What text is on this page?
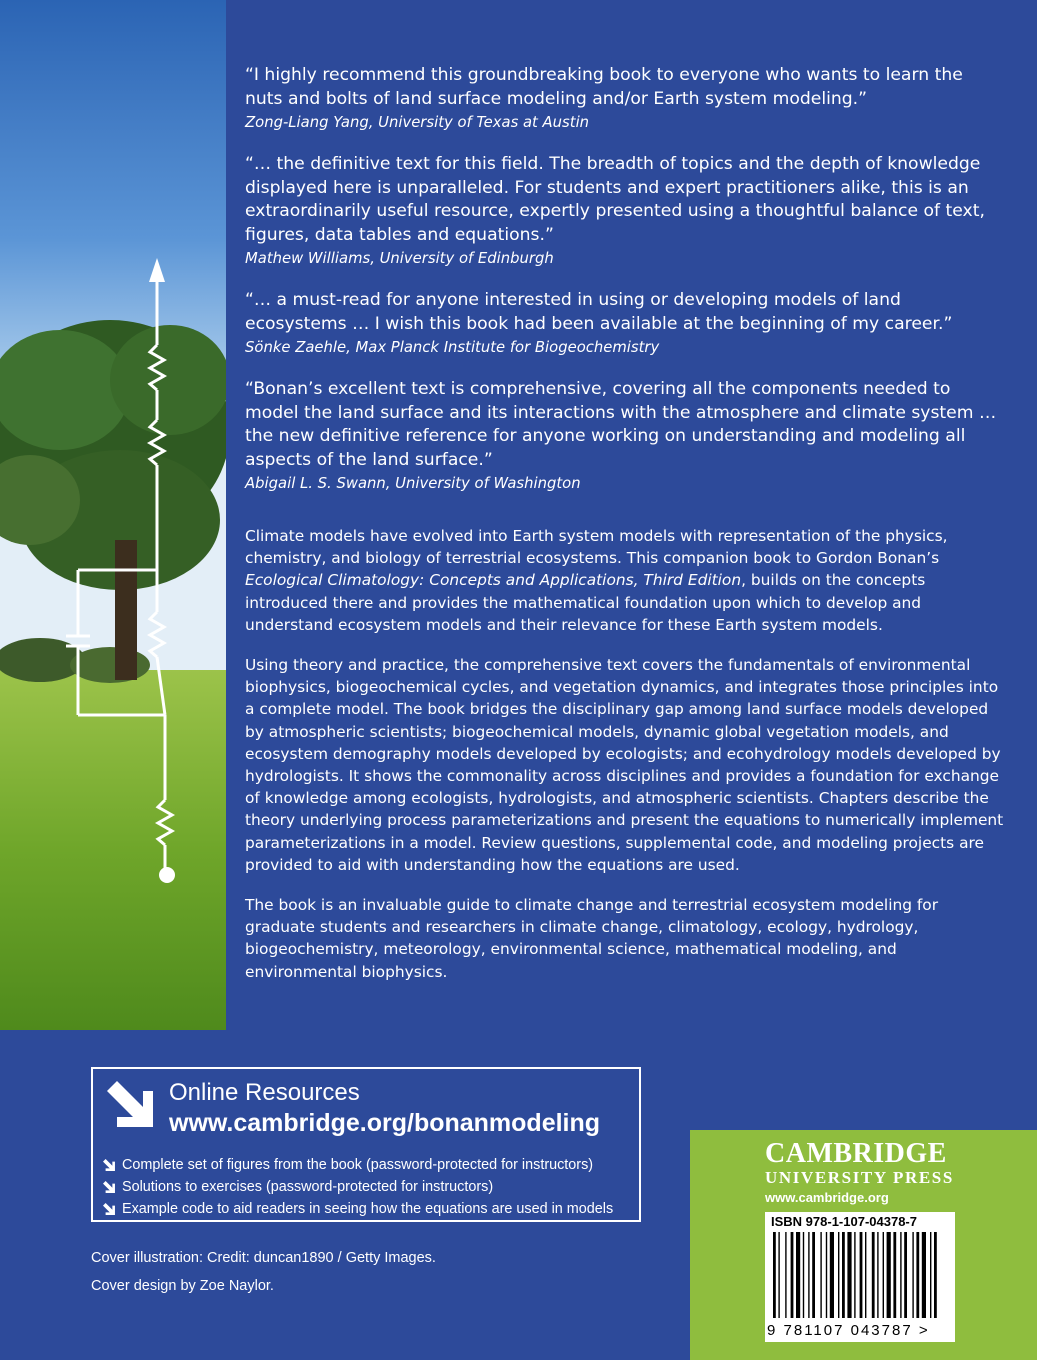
“I highly recommend this groundbreaking book to everyone who wants to learn the nuts and bolts of land surface modeling and/or Earth system modeling.”

Zong-Liang Yang, University of Texas at Austin

“… the definitive text for this field. The breadth of topics and the depth of knowledge displayed here is unparalleled. For students and expert practitioners alike, this is an extraordinarily useful resource, expertly presented using a thoughtful balance of text, figures, data tables and equations.”

Mathew Williams, University of Edinburgh

“… a must-read for anyone interested in using or developing models of land ecosystems … I wish this book had been available at the beginning of my career.”

Sönke Zaehle, Max Planck Institute for Biogeochemistry

“Bonan’s excellent text is comprehensive, covering all the components needed to model the land surface and its interactions with the atmosphere and climate system … the new definitive reference for anyone working on understanding and modeling all aspects of the land surface.”

Abigail L. S. Swann, University of Washington

Climate models have evolved into Earth system models with representation of the physics, chemistry, and biology of terrestrial ecosystems. This companion book to Gordon Bonan’s Ecological Climatology: Concepts and Applications, Third Edition, builds on the concepts introduced there and provides the mathematical foundation upon which to develop and understand ecosystem models and their relevance for these Earth system models.

Using theory and practice, the comprehensive text covers the fundamentals of environmental biophysics, biogeochemical cycles, and vegetation dynamics, and integrates those principles into a complete model. The book bridges the disciplinary gap among land surface models developed by atmospheric scientists; biogeochemical models, dynamic global vegetation models, and ecosystem demography models developed by ecologists; and ecohydrology models developed by hydrologists. It shows the commonality across disciplines and provides a foundation for exchange of knowledge among ecologists, hydrologists, and atmospheric scientists. Chapters describe the theory underlying process parameterizations and present the equations to numerically implement parameterizations in a model. Review questions, supplemental code, and modeling projects are provided to aid with understanding how the equations are used.

The book is an invaluable guide to climate change and terrestrial ecosystem modeling for graduate students and researchers in climate change, climatology, ecology, hydrology, biogeochemistry, meteorology, environmental science, mathematical modeling, and environmental biophysics.

Online Resources
www.cambridge.org/bonanmodeling
Complete set of figures from the book (password-protected for instructors)
Solutions to exercises (password-protected for instructors)
Example code to aid readers in seeing how the equations are used in models
Cover illustration: Credit: duncan1890 / Getty Images.
Cover design by Zoe Naylor.
CAMBRIDGE
UNIVERSITY PRESS
www.cambridge.org
ISBN 978-1-107-04378-7
9 781107 043787 >
